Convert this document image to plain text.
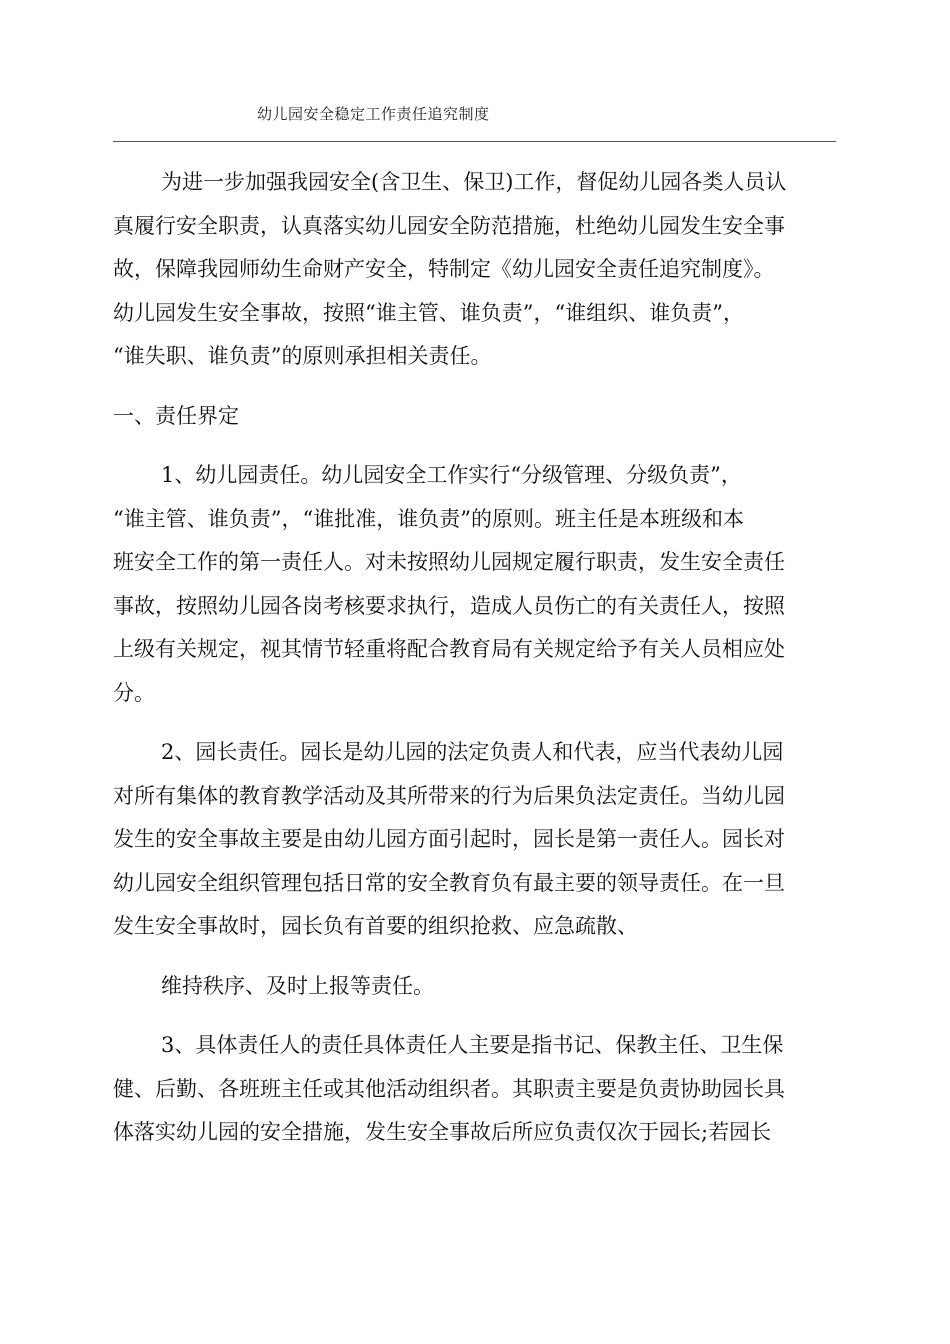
幼儿园安全稳定工作责任追究制度
为进一步加强我园安全(含卫生、保卫)工作，督促幼儿园各类人员认
真履行安全职责，认真落实幼儿园安全防范措施，杜绝幼儿园发生安全事
故，保障我园师幼生命财产安全，特制定《幼儿园安全责任追究制度》。
幼儿园发生安全事故，按照“谁主管、谁负责”，“谁组织、谁负责”，
“谁失职、谁负责”的原则承担相关责任。
一、责任界定
1、幼儿园责任。幼儿园安全工作实行“分级管理、分级负责”，
“谁主管、谁负责”，“谁批准，谁负责”的原则。班主任是本班级和本
班安全工作的第一责任人。对未按照幼儿园规定履行职责，发生安全责任
事故，按照幼儿园各岗考核要求执行，造成人员伤亡的有关责任人，按照
上级有关规定，视其情节轻重将配合教育局有关规定给予有关人员相应处
分。
2、园长责任。园长是幼儿园的法定负责人和代表，应当代表幼儿园
对所有集体的教育教学活动及其所带来的行为后果负法定责任。当幼儿园
发生的安全事故主要是由幼儿园方面引起时，园长是第一责任人。园长对
幼儿园安全组织管理包括日常的安全教育负有最主要的领导责任。在一旦
发生安全事故时，园长负有首要的组织抢救、应急疏散、
维持秩序、及时上报等责任。
3、具体责任人的责任具体责任人主要是指书记、保教主任、卫生保
健、后勤、各班班主任或其他活动组织者。其职责主要是负责协助园长具
体落实幼儿园的安全措施，发生安全事故后所应负责仅次于园长;若园长
